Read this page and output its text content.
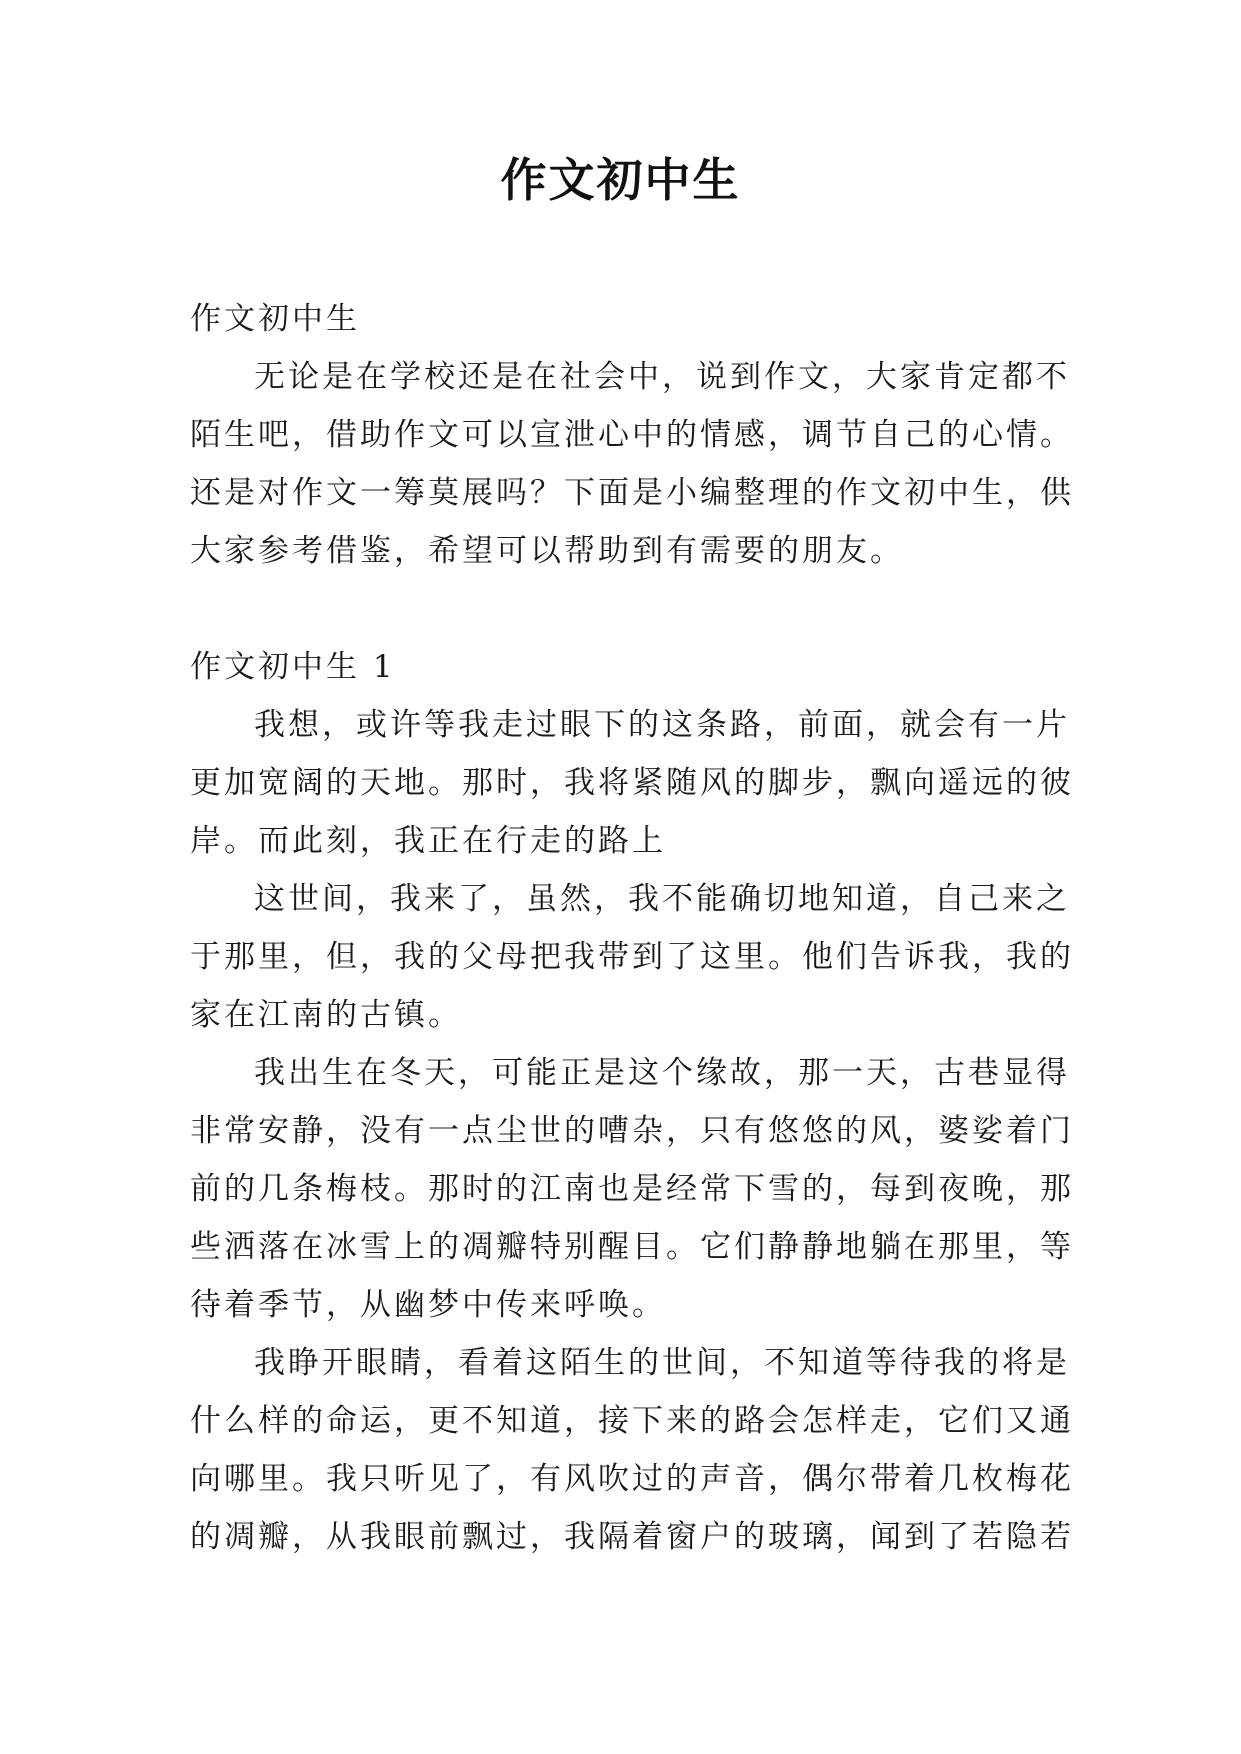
作文初中生
作文初中生
无论是在学校还是在社会中，说到作文，大家肯定都不
陌生吧，借助作文可以宣泄心中的情感，调节自己的心情。
还是对作文一筹莫展吗？下面是小编整理的作文初中生，供
大家参考借鉴，希望可以帮助到有需要的朋友。
作文初中生 1
我想，或许等我走过眼下的这条路，前面，就会有一片
更加宽阔的天地。那时，我将紧随风的脚步，飘向遥远的彼
岸。而此刻，我正在行走的路上
这世间，我来了，虽然，我不能确切地知道，自己来之
于那里，但，我的父母把我带到了这里。他们告诉我，我的
家在江南的古镇。
我出生在冬天，可能正是这个缘故，那一天，古巷显得
非常安静，没有一点尘世的嘈杂，只有悠悠的风，婆娑着门
前的几条梅枝。那时的江南也是经常下雪的，每到夜晚，那
些洒落在冰雪上的凋瓣特别醒目。它们静静地躺在那里，等
待着季节，从幽梦中传来呼唤。
我睁开眼睛，看着这陌生的世间，不知道等待我的将是
什么样的命运，更不知道，接下来的路会怎样走，它们又通
向哪里。我只听见了，有风吹过的声音，偶尔带着几枚梅花
的凋瓣，从我眼前飘过，我隔着窗户的玻璃，闻到了若隐若
